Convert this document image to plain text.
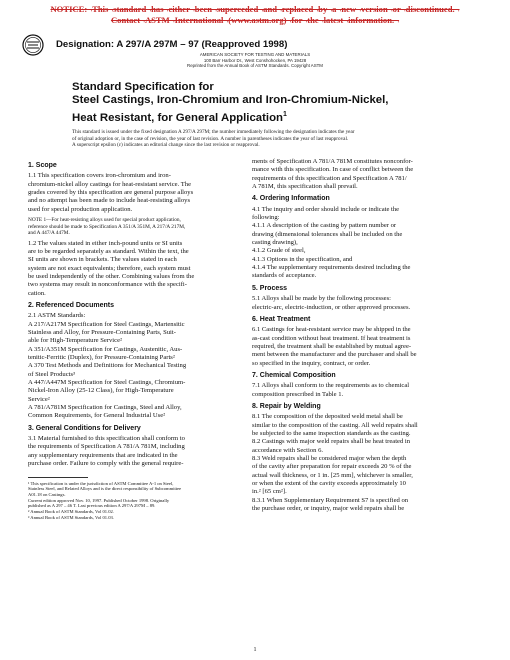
NOTICE:¬This¬standard¬has¬either¬been¬superceded¬and¬replaced¬by¬a¬new¬version¬or¬discontinued.¬
Contact¬ASTM¬International¬(www.astm.org)¬for¬the¬latest¬information.¬
Designation: A 297/A 297M – 97 (Reapproved 1998)
AMERICAN SOCIETY FOR TESTING AND MATERIALS
100 Barr Harbor Dr., West Conshohocken, PA 19428
Reprinted from the Annual Book of ASTM Standards. Copyright ASTM
Standard Specification for
Steel Castings, Iron-Chromium and Iron-Chromium-Nickel,
Heat Resistant, for General Application$^1$
This standard is issued under the fixed designation A 297/A 297M; the number immediately following the designation indicates the year
of original adoption or, in the case of revision, the year of last revision. A number in parentheses indicates the year of last reapproval.
A superscript epsilon (ε) indicates an editorial change since the last revision or reapproval.
1. Scope
1.1 This specification covers iron-chromium and iron-
chromium-nickel alloy castings for heat-resistant service. The
grades covered by this specification are general purpose alloys
and no attempt has been made to include heat-resisting alloys
used for special production application.
NOTE 1—For heat-resisting alloys used for special product application,
reference should be made to Specification A 351/A 351M, A 217/A 217M,
and A 447/A 447M.
1.2 The values stated in either inch-pound units or SI units
are to be regarded separately as standard. Within the text, the
SI units are shown in brackets. The values stated in each
system are not exact equivalents; therefore, each system must
be used independently of the other. Combining values from the
two systems may result in nonconformance with the specifi-
cation.
2. Referenced Documents
2.1 ASTM Standards:
A 217/A217M Specification for Steel Castings, Martensitic
Stainless and Alloy, for Pressure-Containing Parts, Suit-
able for High-Temperature Service²
A 351/A351M Specification for Castings, Austenitic, Aus-
tenitic-Ferritic (Duplex), for Pressure-Containing Parts²
A 370 Test Methods and Definitions for Mechanical Testing
of Steel Products³
A 447/A447M Specification for Steel Castings, Chromium-
Nickel-Iron Alloy (25-12 Class), for High-Temperature
Service²
A 781/A781M Specification for Castings, Steel and Alloy,
Common Requirements, for General Industrial Use²
3. General Conditions for Delivery
3.1 Material furnished to this specification shall conform to
the requirements of Specification A 781/A 781M, including
any supplementary requirements that are indicated in the
purchase order. Failure to comply with the general require-
¹ This specification is under the jurisdiction of ASTM Committee A-1 on Steel,
Stainless Steel, and Related Alloys and is the direct responsibility of Subcommittee
A01.18 on Castings.
Current edition approved Nov. 10, 1997. Published October 1998. Originally
published as A 297 – 46 T. Last previous edition A 297/A 297M – 89.
² Annual Book of ASTM Standards, Vol 01.02.
³ Annual Book of ASTM Standards, Vol 01.03.
ments of Specification A 781/A 781M constitutes nonconfor-
mance with this specification. In case of conflict between the
requirements of this specification and Specification A 781/
A 781M, this specification shall prevail.
4. Ordering Information
4.1 The inquiry and order should include or indicate the
following:
4.1.1 A description of the casting by pattern number or
drawing (dimensional tolerances shall be included on the
casting drawing),
4.1.2 Grade of steel,
4.1.3 Options in the specification, and
4.1.4 The supplementary requirements desired including the
standards of acceptance.
5. Process
5.1 Alloys shall be made by the following processes:
electric-arc, electric-induction, or other approved processes.
6. Heat Treatment
6.1 Castings for heat-resistant service may be shipped in the
as-cast condition without heat treatment. If heat treatment is
required, the treatment shall be established by mutual agree-
ment between the manufacturer and the purchaser and shall be
so specified in the inquiry, contract, or order.
7. Chemical Composition
7.1 Alloys shall conform to the requirements as to chemical
composition prescribed in Table 1.
8. Repair by Welding
8.1 The composition of the deposited weld metal shall be
similar to the composition of the casting. All weld repairs shall
be subjected to the same inspection standards as the casting.
8.2 Castings with major weld repairs shall be heat treated in
accordance with Section 6.
8.3 Weld repairs shall be considered major when the depth
of the cavity after preparation for repair exceeds 20 % of the
actual wall thickness, or 1 in. [25 mm], whichever is smaller,
or when the extent of the cavity exceeds approximately 10
in.² [65 cm²].
8.3.1 When Supplementary Requirement S7 is specified on
the purchase order, or inquiry, major weld repairs shall be
1
